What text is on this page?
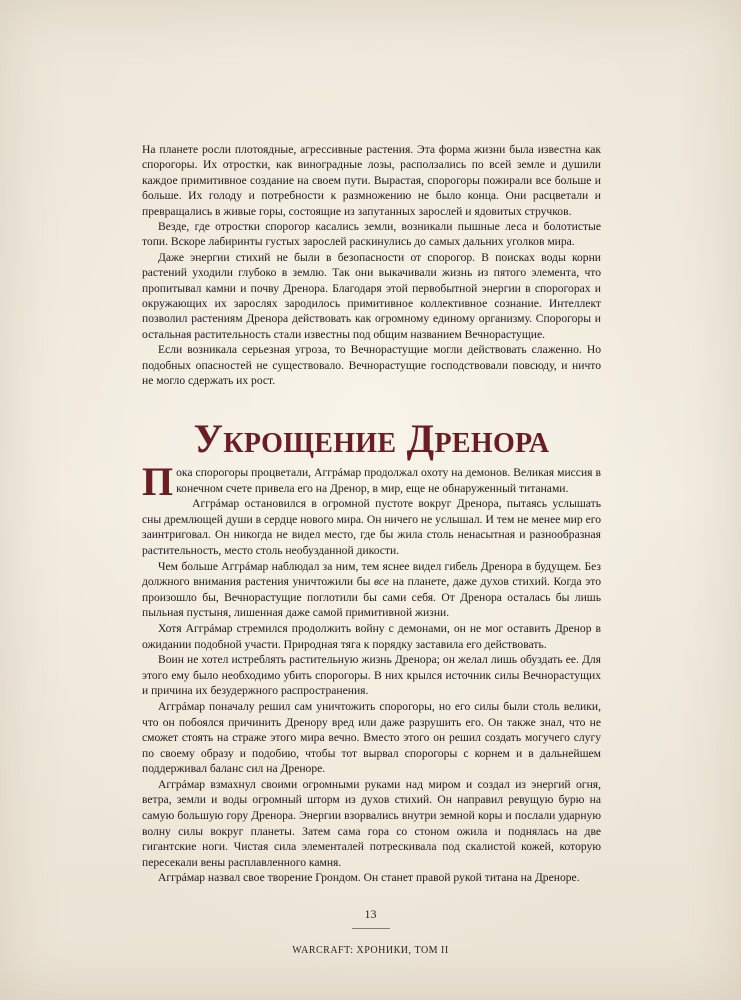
На планете росли плотоядные, агрессивные растения. Эта форма жизни была известна как спорогоры. Их отростки, как виноградные лозы, расползались по всей земле и душили каждое примитивное создание на своем пути. Вырастая, спорогоры пожирали все больше и больше. Их голоду и потребности к размножению не было конца. Они расцветали и превращались в живые горы, состоящие из запутанных зарослей и ядовитых стручков.

Везде, где отростки спорогор касались земли, возникали пышные леса и болотистые топи. Вскоре лабиринты густых зарослей раскинулись до самых дальних уголков мира.

Даже энергии стихий не были в безопасности от спорогор. В поисках воды корни растений уходили глубоко в землю. Так они выкачивали жизнь из пятого элемента, что пропитывал камни и почву Дренора. Благодаря этой первобытной энергии в спорогорах и окружающих их зарослях зародилось примитивное коллективное сознание. Интеллект позволил растениям Дренора действовать как огромному единому организму. Спорогоры и остальная растительность стали известны под общим названием Вечнорастущие.

Если возникала серьезная угроза, то Вечнорастущие могли действовать слаженно. Но подобных опасностей не существовало. Вечнорастущие господствовали повсюду, и ничто не могло сдержать их рост.

Укрощение Дренора

Пока спорогоры процветали, Аггрáмар продолжал охоту на демонов. Великая миссия в конечном счете привела его на Дренор, в мир, еще не обнаруженный титанами.

Аггрáмар остановился в огромной пустоте вокруг Дренора, пытаясь услышать сны дремлющей души в сердце нового мира. Он ничего не услышал. И тем не менее мир его заинтриговал. Он никогда не видел место, где бы жила столь ненасытная и разнообразная растительность, место столь необузданной дикости.

Чем больше Аггрáмар наблюдал за ним, тем яснее видел гибель Дренора в будущем. Без должного внимания растения уничтожили бы все на планете, даже духов стихий. Когда это произошло бы, Вечнорастущие поглотили бы сами себя. От Дренора осталась бы лишь пыльная пустыня, лишенная даже самой примитивной жизни.

Хотя Аггрáмар стремился продолжить войну с демонами, он не мог оставить Дренор в ожидании подобной участи. Природная тяга к порядку заставила его действовать.

Воин не хотел истреблять растительную жизнь Дренора; он желал лишь обуздать ее. Для этого ему было необходимо убить спорогоры. В них крылся источник силы Вечнорастущих и причина их безудержного распространения.

Аггрáмар поначалу решил сам уничтожить спорогоры, но его силы были столь велики, что он побоялся причинить Дренору вред или даже разрушить его. Он также знал, что не сможет стоять на страже этого мира вечно. Вместо этого он решил создать могучего слугу по своему образу и подобию, чтобы тот вырвал спорогоры с корнем и в дальнейшем поддерживал баланс сил на Дреноре.

Аггрáмар взмахнул своими огромными руками над миром и создал из энергий огня, ветра, земли и воды огромный шторм из духов стихий. Он направил ревущую бурю на самую большую гору Дренора. Энергии взорвались внутри земной коры и послали ударную волну силы вокруг планеты. Затем сама гора со стоном ожила и поднялась на две гигантские ноги. Чистая сила элементалей потрескивала под скалистой кожей, которую пересекали вены расплавленного камня.

Аггрáмар назвал свое творение Грондом. Он станет правой рукой титана на Дреноре.

13
WARCRAFT: ХРОНИКИ, ТОМ II
